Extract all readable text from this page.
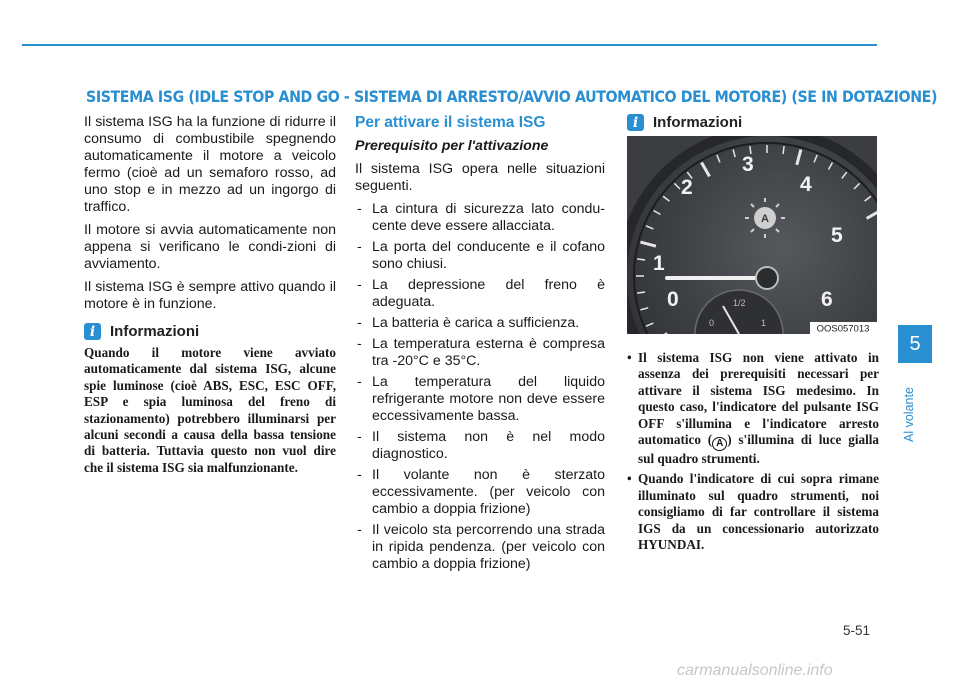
SISTEMA ISG (IDLE STOP AND GO - SISTEMA DI ARRESTO/AVVIO AUTOMATICO DEL MOTORE) (SE IN DOTAZIONE)

Il sistema ISG ha la funzione di ridurre il consumo di combustibile spegnendo automaticamente il motore a veicolo fermo (cioè ad un semaforo rosso, ad uno stop e in mezzo ad un ingorgo di traffico.

Il motore si avvia automaticamente non appena si verificano le condi-zioni di avviamento.

Il sistema ISG è sempre attivo quando il motore è in funzione.

i Informazioni

Quando il motore viene avviato automaticamente dal sistema ISG, alcune spie luminose (cioè ABS, ESC, ESC OFF, ESP e spia luminosa del freno di stazionamento) potrebbero illuminarsi per alcuni secondi a causa della bassa tensione di batteria. Tuttavia questo non vuol dire che il sistema ISG sia malfunzionante.

Per attivare il sistema ISG

Prerequisito per l'attivazione

Il sistema ISG opera nelle situazioni seguenti.

- La cintura di sicurezza lato condu-cente deve essere allacciata.
- La porta del conducente e il cofano sono chiusi.
- La depressione del freno è adeguata.
- La batteria è carica a sufficienza.
- La temperatura esterna è compresa tra -20°C e 35°C.
- La temperatura del liquido refrigerante motore non deve essere eccessivamente bassa.
- Il sistema non è nel modo diagnostico.
- Il volante non è sterzato eccessivamente. (per veicolo con cambio a doppia frizione)
- Il veicolo sta percorrendo una strada in ripida pendenza. (per veicolo con cambio a doppia frizione)
i Informazioni
0
1
2
3
4
5
6
A
0
1/2
1
OOS057013
• Il sistema ISG non viene attivato in assenza dei prerequisiti necessari per attivare il sistema ISG medesimo. In questo caso, l'indicatore del pulsante ISG OFF s'illumina e l'indicatore arresto automatico ( A ) s'illumina di luce gialla sul quadro strumenti.
• Quando l'indicatore di cui sopra rimane illuminato sul quadro strumenti, noi consigliamo di far controllare il sistema IGS da un concessionario autorizzato HYUNDAI.
5
Al volante
5-51
carmanualsonline.info
